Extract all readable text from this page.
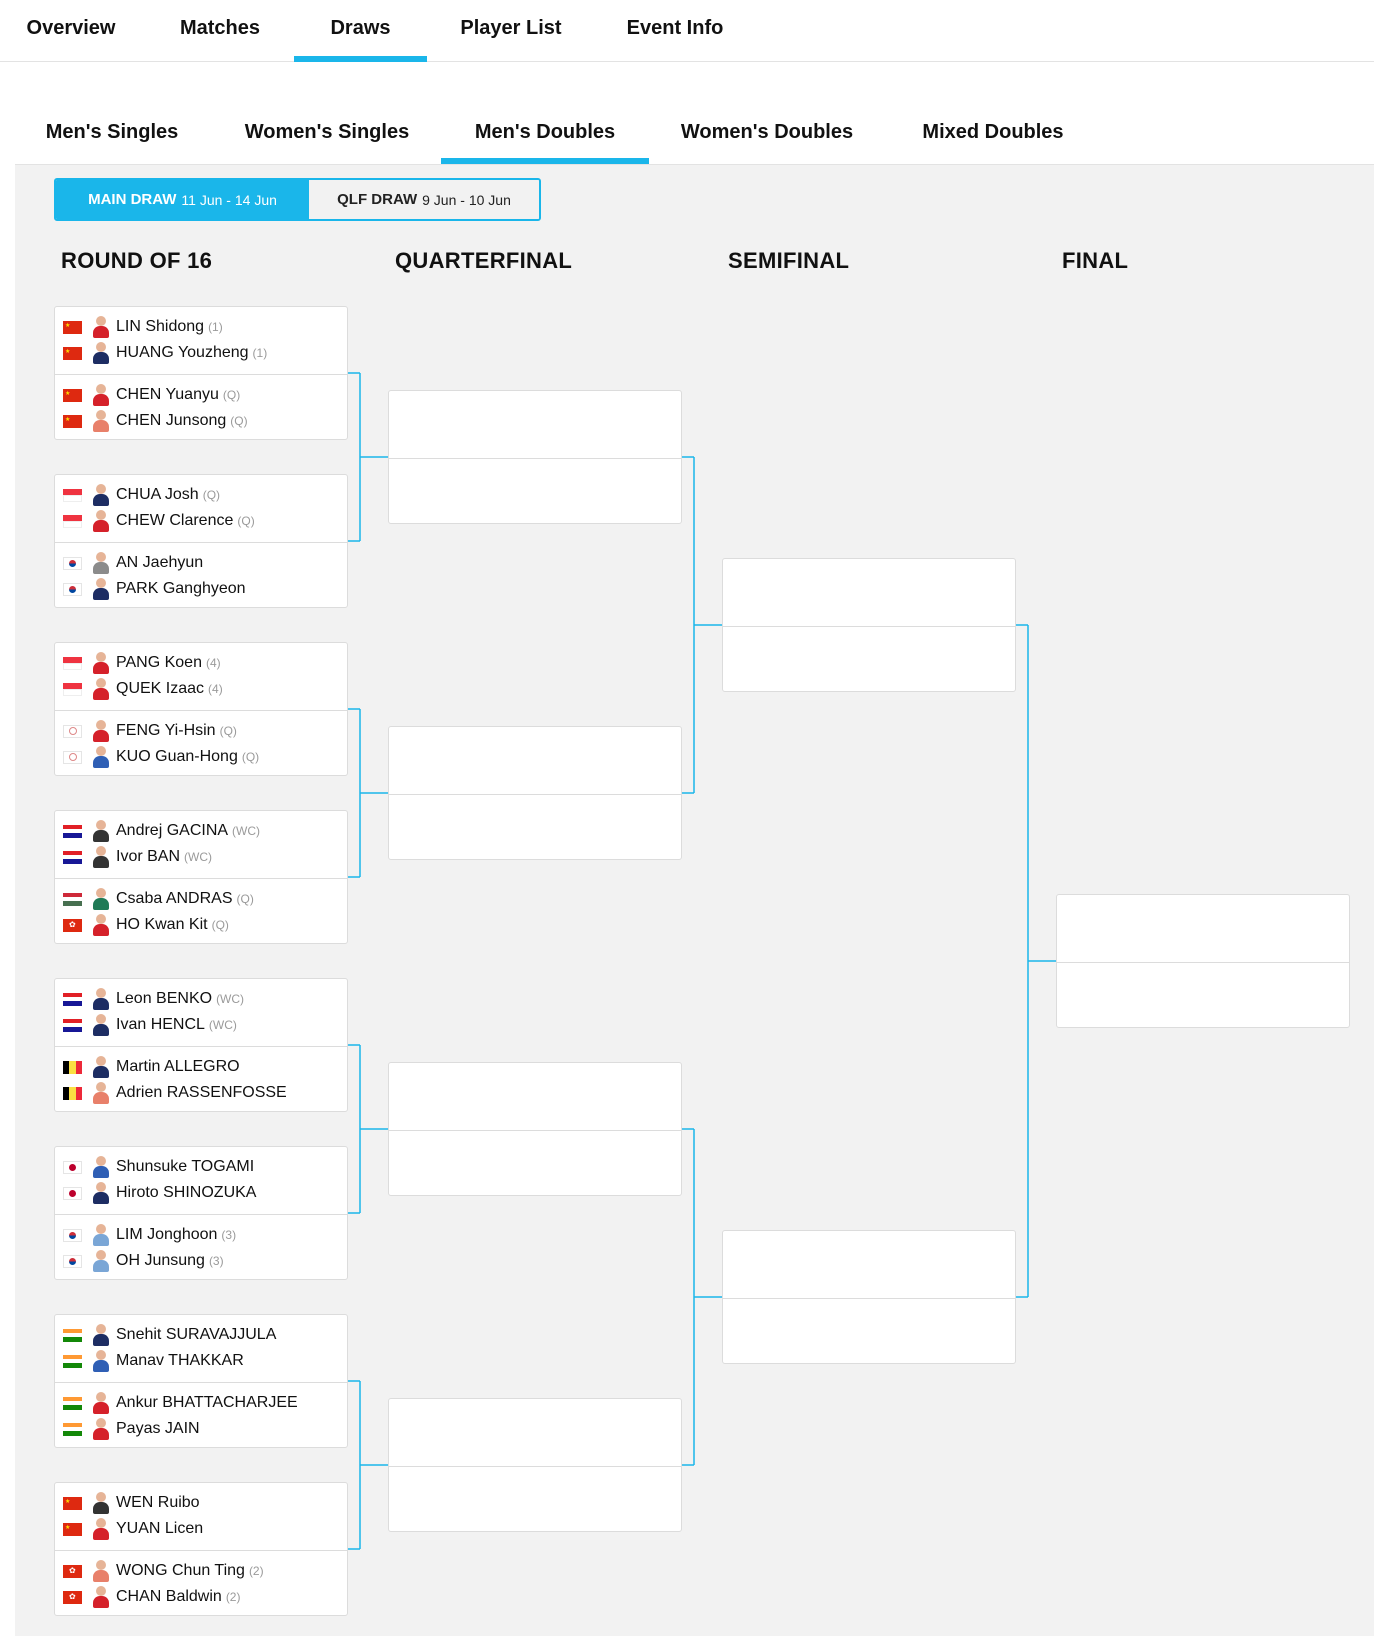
Overview	Matches	Draws	Player List	Event Info
Men's Singles	Women's Singles	Men's Doubles	Women's Doubles	Mixed Doubles
MAIN DRAW 11 Jun - 14 Jun	QLF DRAW 9 Jun - 10 Jun
ROUND OF 16	QUARTERFINAL	SEMIFINAL	FINAL
★	LIN Shidong (1)
★	HUANG Youzheng (1)
★	CHEN Yuanyu (Q)
★	CHEN Junsong (Q)
CHUA Josh (Q)
CHEW Clarence (Q)
AN Jaehyun
PARK Ganghyeon
PANG Koen (4)
QUEK Izaac (4)
FENG Yi-Hsin (Q)
KUO Guan-Hong (Q)
Andrej GACINA (WC)
Ivor BAN (WC)
Csaba ANDRAS (Q)
✿	HO Kwan Kit (Q)
Leon BENKO (WC)
Ivan HENCL (WC)
Martin ALLEGRO
Adrien RASSENFOSSE
Shunsuke TOGAMI
Hiroto SHINOZUKA
LIM Jonghoon (3)
OH Junsung (3)
Snehit SURAVAJJULA
Manav THAKKAR
Ankur BHATTACHARJEE
Payas JAIN
★	WEN Ruibo
★	YUAN Licen
✿	WONG Chun Ting (2)
✿	CHAN Baldwin (2)
